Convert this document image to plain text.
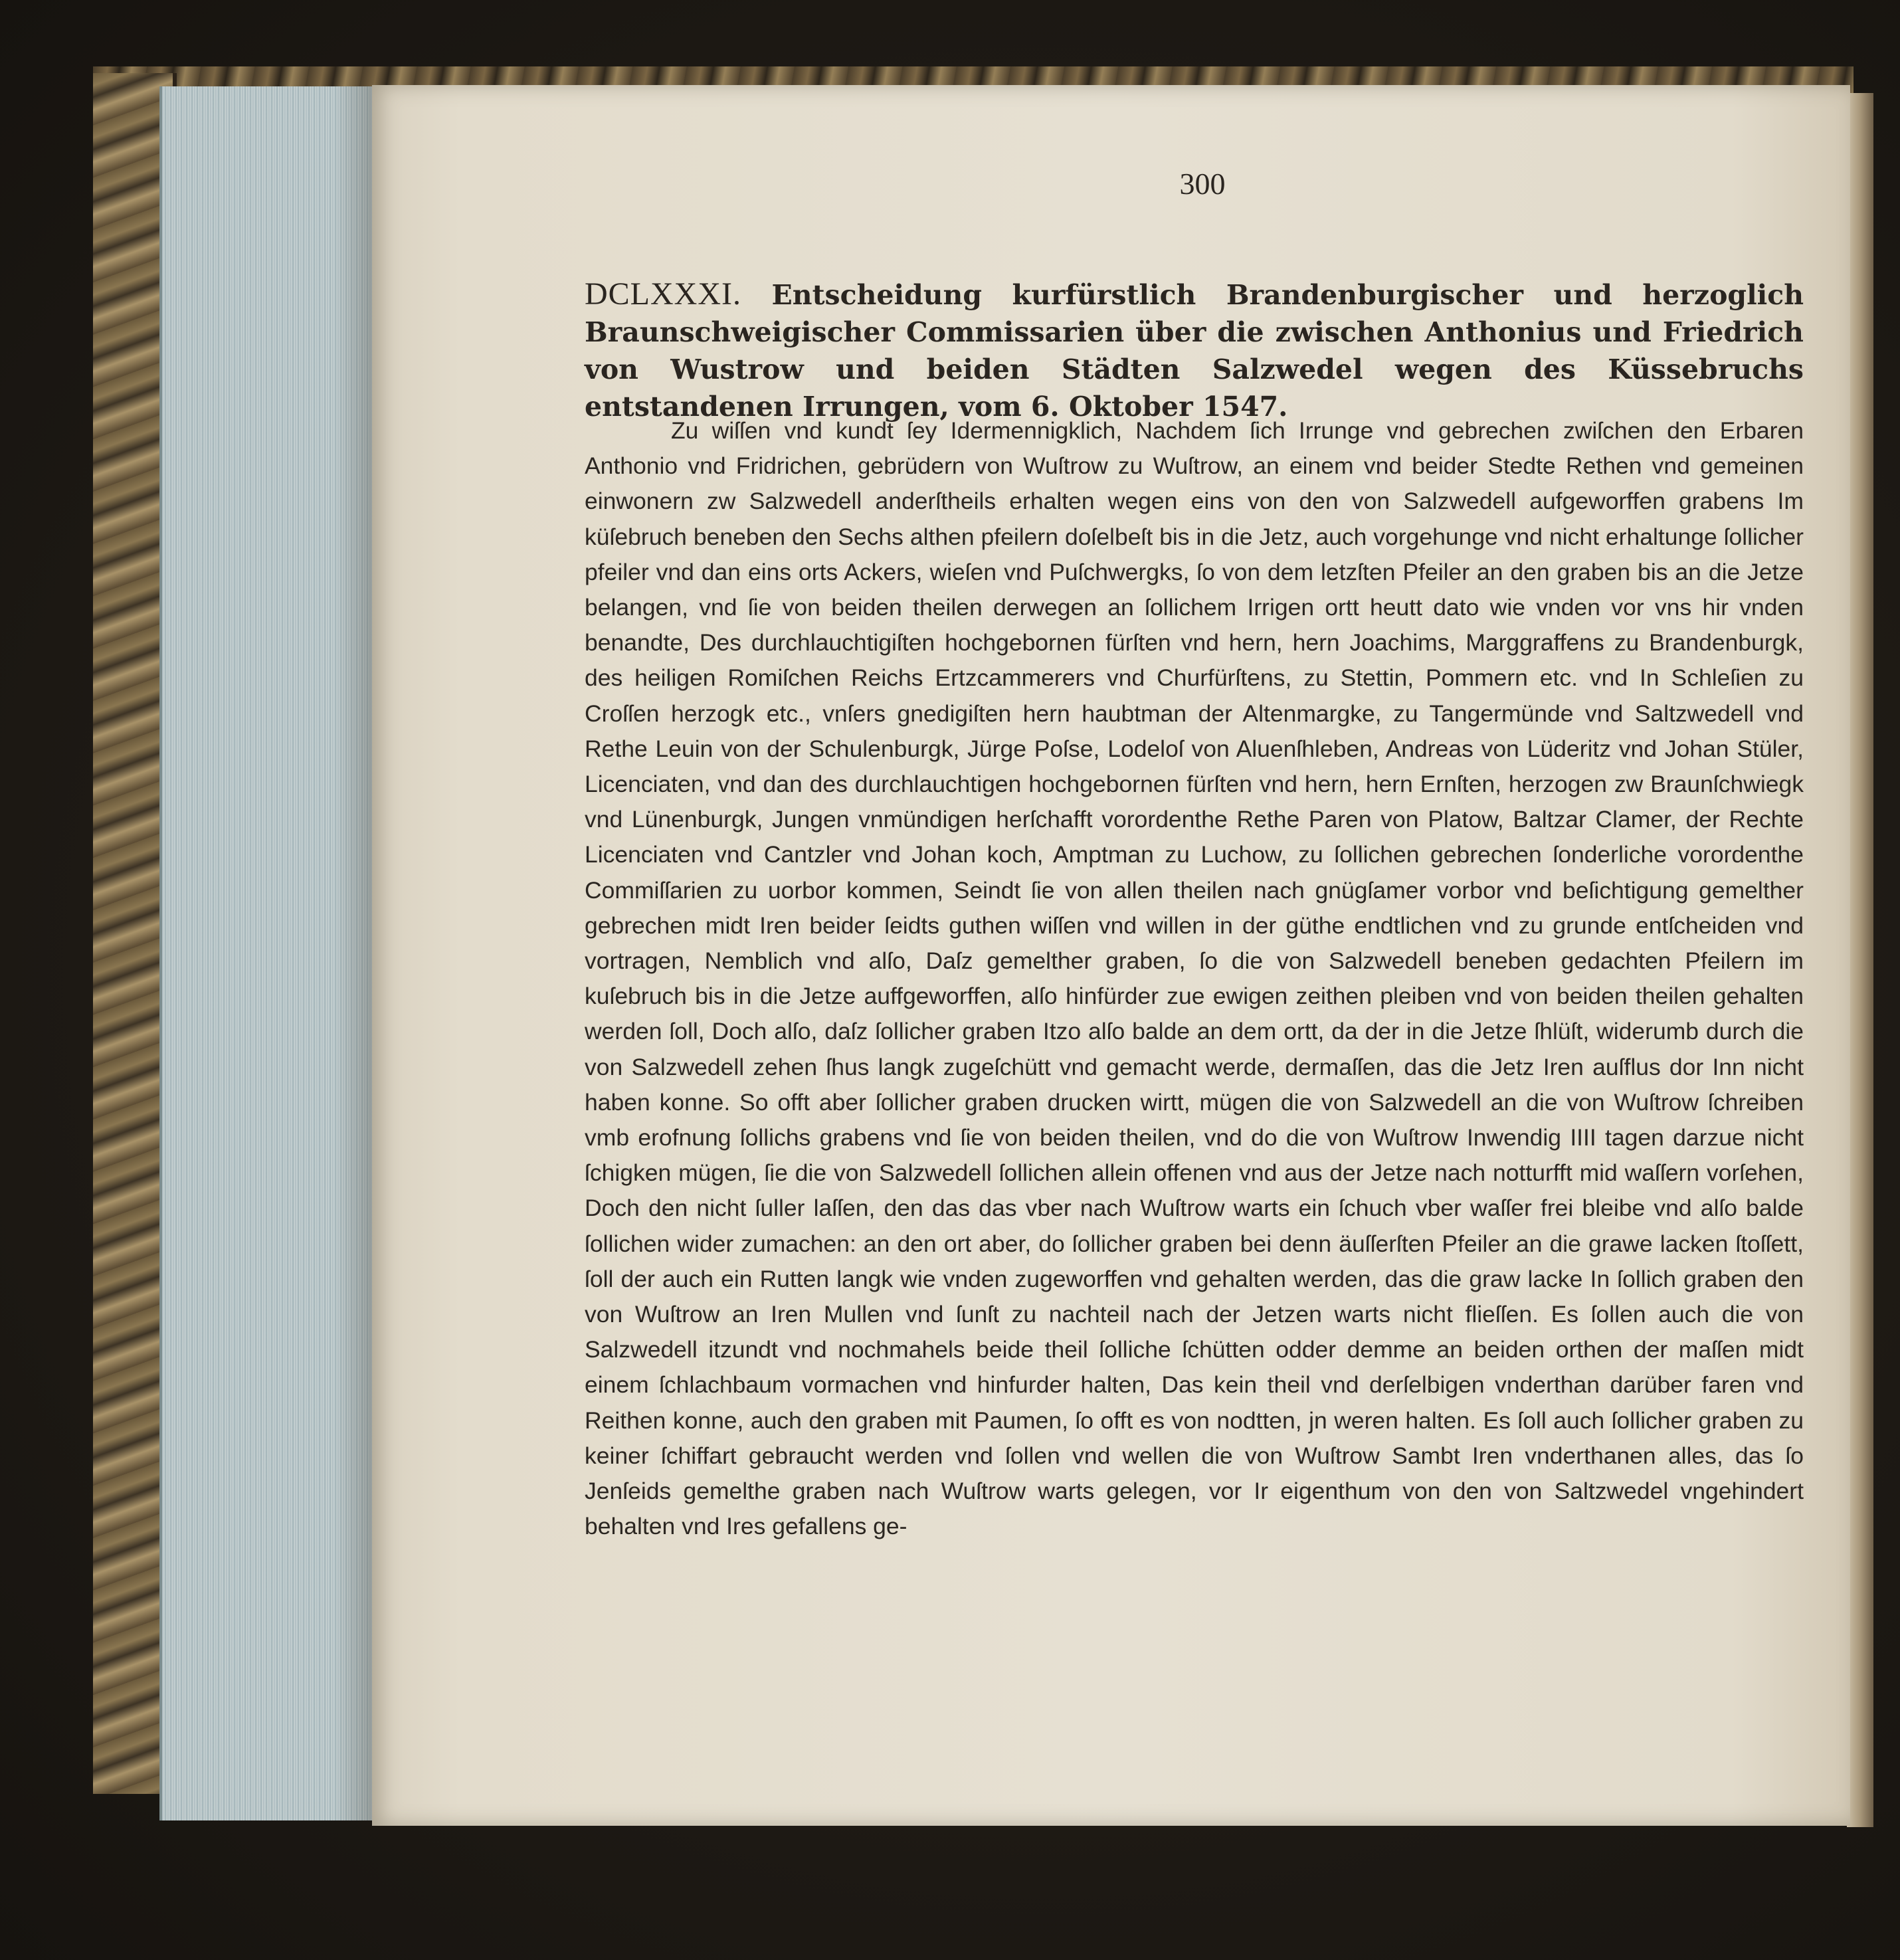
300
DCLXXXI. Entscheidung kurfürstlich Brandenburgischer und herzoglich Braunschweigischer Commissarien über die zwischen Anthonius und Friedrich von Wustrow und beiden Städten Salzwedel wegen des Küssebruchs entstandenen Irrungen, vom 6. Oktober 1547.

Zu wiſſen vnd kundt ſey Idermennigklich, Nachdem ſich Irrunge vnd gebrechen zwiſchen den Erbaren Anthonio vnd Fridrichen, gebrüdern von Wuſtrow zu Wuſtrow, an einem vnd beider Stedte Rethen vnd gemeinen einwonern zw Salzwedell anderſtheils erhalten wegen eins von den von Salzwedell aufgeworffen grabens Im küſebruch beneben den Sechs althen pfeilern doſelbeſt bis in die Jetz, auch vorgehunge vnd nicht erhaltunge ſollicher pfeiler vnd dan eins orts Ackers, wieſen vnd Puſchwergks, ſo von dem letzſten Pfeiler an den graben bis an die Jetze belangen, vnd ſie von beiden theilen derwegen an ſollichem Irrigen ortt heutt dato wie vnden vor vns hir vnden benandte, Des durchlauchtigiſten hochgebornen fürſten vnd hern, hern Joachims, Marggraffens zu Brandenburgk, des heiligen Romiſchen Reichs Ertzcammerers vnd Churfürſtens, zu Stettin, Pommern etc. vnd In Schleſien zu Croſſen herzogk etc., vnſers gnedigiſten hern haubtman der Altenmargke, zu Tangermünde vnd Saltzwedell vnd Rethe Leuin von der Schulenburgk, Jürge Poſse, Lodeloſ von Aluenſhleben, Andreas von Lüderitz vnd Johan Stüler, Licenciaten, vnd dan des durchlauchtigen hochgebornen fürſten vnd hern, hern Ernſten, herzogen zw Braunſchwiegk vnd Lünenburgk, Jungen vnmündigen herſchafft vorordenthe Rethe Paren von Platow, Baltzar Clamer, der Rechte Licenciaten vnd Cantzler vnd Johan koch, Amptman zu Luchow, zu ſollichen gebrechen ſonderliche vorordenthe Commiſſarien zu uorbor kommen, Seindt ſie von allen theilen nach gnügſamer vorbor vnd beſichtigung gemelther gebrechen midt Iren beider ſeidts guthen wiſſen vnd willen in der güthe endtlichen vnd zu grunde entſcheiden vnd vortragen, Nemblich vnd alſo, Daſz gemelther graben, ſo die von Salzwedell beneben gedachten Pfeilern im kuſebruch bis in die Jetze auffgeworffen, alſo hinfürder zue ewigen zeithen pleiben vnd von beiden theilen gehalten werden ſoll, Doch alſo, daſz ſollicher graben Itzo alſo balde an dem ortt, da der in die Jetze ſhlüſt, widerumb durch die von Salzwedell zehen ſhus langk zugeſchütt vnd gemacht werde, dermaſſen, das die Jetz Iren auſflus dor Inn nicht haben konne. So offt aber ſollicher graben drucken wirtt, mügen die von Salzwedell an die von Wuſtrow ſchreiben vmb erofnung ſollichs grabens vnd ſie von beiden theilen, vnd do die von Wuſtrow Inwendig IIII tagen darzue nicht ſchigken mügen, ſie die von Salzwedell ſollichen allein offenen vnd aus der Jetze nach notturfft mid waſſern vorſehen, Doch den nicht ſuller laſſen, den das das vber nach Wuſtrow warts ein ſchuch vber waſſer frei bleibe vnd alſo balde ſollichen wider zumachen: an den ort aber, do ſollicher graben bei denn äuſſerſten Pfeiler an die grawe lacken ſtoſſett, ſoll der auch ein Rutten langk wie vnden zugeworffen vnd gehalten werden, das die graw lacke In ſollich graben den von Wuſtrow an Iren Mullen vnd ſunſt zu nachteil nach der Jetzen warts nicht flieſſen. Es ſollen auch die von Salzwedell itzundt vnd nochmahels beide theil ſolliche ſchütten odder demme an beiden orthen der maſſen midt einem ſchlachbaum vormachen vnd hinfurder halten, Das kein theil vnd derſelbigen vnderthan darüber faren vnd Reithen konne, auch den graben mit Paumen, ſo offt es von nodtten, jn weren halten. Es ſoll auch ſollicher graben zu keiner ſchiffart gebraucht werden vnd ſollen vnd wellen die von Wuſtrow Sambt Iren vnderthanen alles, das ſo Jenſeids gemelthe graben nach Wuſtrow warts gelegen, vor Ir eigenthum von den von Saltzwedel vngehindert behalten vnd Ires gefallens ge-
